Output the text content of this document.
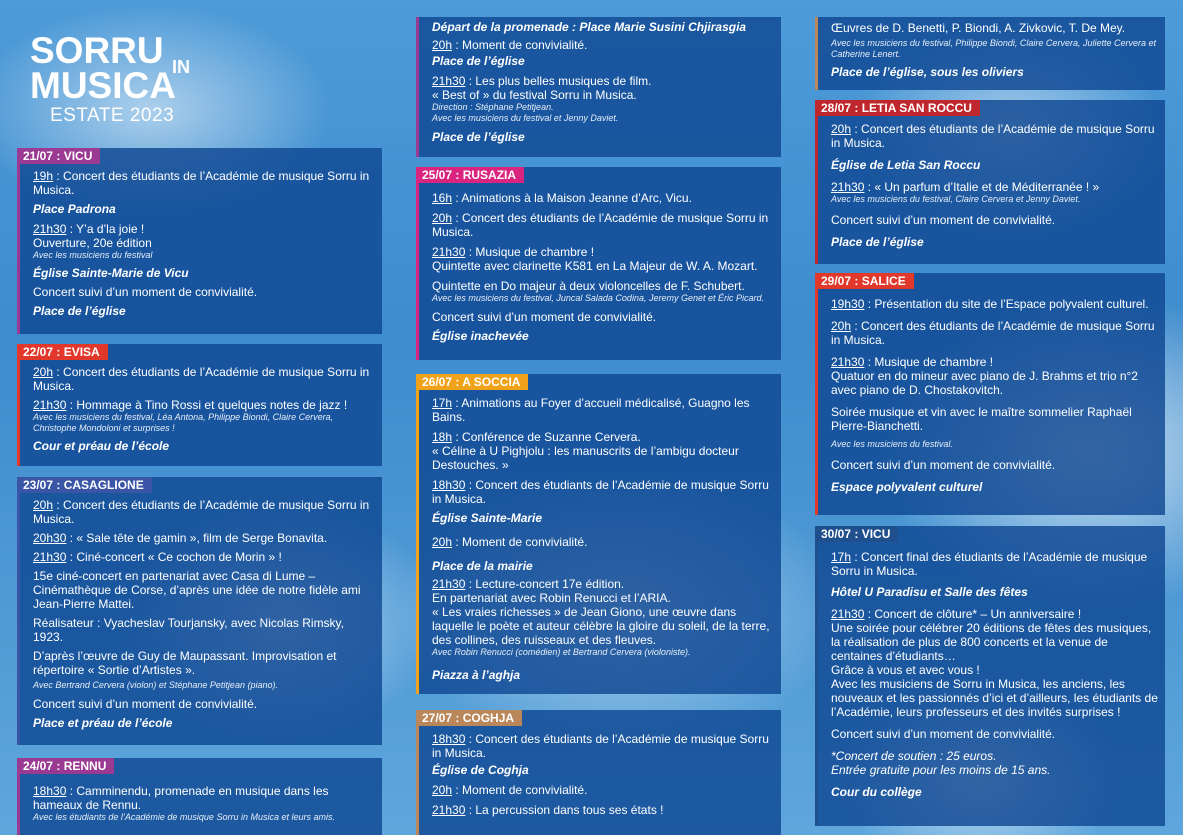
SORRU
MUSICA
IN
ESTATE 2023
21/07 : VICU

19h : Concert des étudiants de l’Académie de musique Sorru in Musica.

Place Padrona

21h30 : Y’a d’la joie !

Ouverture, 20e édition

Avec les musiciens du festival

Église Sainte-Marie de Vicu

Concert suivi d’un moment de convivialité.

Place de l’église

22/07 : EVISA

20h : Concert des étudiants de l’Académie de musique Sorru in Musica.

21h30 : Hommage à Tino Rossi et quelques notes de jazz !

Avec les musiciens du festival, Léa Antona, Philippe Biondi, Claire Cervera, Christophe Mondoloni et surprises !

Cour et préau de l’école

23/07 : CASAGLIONE

20h : Concert des étudiants de l’Académie de musique Sorru in Musica.

20h30 : « Sale tête de gamin », film de Serge Bonavita.

21h30 : Ciné-concert « Ce cochon de Morin » !

15e ciné-concert en partenariat avec Casa di Lume – Cinémathèque de Corse, d’après une idée de notre fidèle ami Jean-Pierre Mattei.

Réalisateur : Vyacheslav Tourjansky, avec Nicolas Rimsky, 1923.

D’après l’œuvre de Guy de Maupassant. Improvisation et répertoire « Sortie d’Artistes ».

Avec Bertrand Cervera (violon) et Stéphane Petitjean (piano).

Concert suivi d’un moment de convivialité.

Place et préau de l’école

24/07 : RENNU

18h30 : Camminendu, promenade en musique dans les hameaux de Rennu.

Avec les étudiants de l’Académie de musique Sorru in Musica et leurs amis.

Départ de la promenade : Place Marie Susini Chjirasgia

20h : Moment de convivialité.

Place de l’église

21h30 : Les plus belles musiques de film.

« Best of » du festival Sorru in Musica.

Direction : Stéphane Petitjean.

Avec les musiciens du festival et Jenny Daviet.

Place de l’église

25/07 : RUSAZIA

16h : Animations à la Maison Jeanne d’Arc, Vicu.

20h : Concert des étudiants de l’Académie de musique Sorru in Musica.

21h30 : Musique de chambre !

Quintette avec clarinette K581 en La Majeur de W. A. Mozart.

Quintette en Do majeur à deux violoncelles de F. Schubert.

Avec les musiciens du festival, Juncal Salada Codina, Jeremy Genet et Éric Picard.

Concert suivi d’un moment de convivialité.

Église inachevée

26/07 : A SOCCIA

17h : Animations au Foyer d’accueil médicalisé, Guagno les Bains.

18h : Conférence de Suzanne Cervera.

« Céline à U Pighjolu : les manuscrits de l’ambigu docteur Destouches. »

18h30 : Concert des étudiants de l’Académie de musique Sorru in Musica.

Église Sainte-Marie

20h : Moment de convivialité.

Place de la mairie

21h30 : Lecture-concert 17e édition.

En partenariat avec Robin Renucci et l’ARIA.

« Les vraies richesses » de Jean Giono, une œuvre dans laquelle le poète et auteur célèbre la gloire du soleil, de la terre, des collines, des ruisseaux et des fleuves.

Avec Robin Renucci (comédien) et Bertrand Cervera (violoniste).

Piazza à l’aghja

27/07 : COGHJA

18h30 : Concert des étudiants de l’Académie de musique Sorru in Musica.

Église de Coghja

20h : Moment de convivialité.

21h30 : La percussion dans tous ses états !

Œuvres de D. Benetti, P. Biondi, A. Zivkovic, T. De Mey.

Avec les musiciens du festival, Philippe Biondi, Claire Cervera, Juliette Cervera et Catherine Lenert.

Place de l’église, sous les oliviers

28/07 : LETIA SAN ROCCU

20h : Concert des étudiants de l’Académie de musique Sorru in Musica.

Église de Letia San Roccu

21h30 : « Un parfum d’Italie et de Méditerranée ! »

Avec les musiciens du festival, Claire Cervera et Jenny Daviet.

Concert suivi d’un moment de convivialité.

Place de l’église

29/07 : SALICE

19h30 : Présentation du site de l’Espace polyvalent culturel.

20h : Concert des étudiants de l’Académie de musique Sorru in Musica.

21h30 : Musique de chambre !

Quatuor en do mineur avec piano de J. Brahms et trio n°2 avec piano de D. Chostakovitch.

Soirée musique et vin avec le maître sommelier Raphaël Pierre-Bianchetti.

Avec les musiciens du festival.

Concert suivi d’un moment de convivialité.

Espace polyvalent culturel

30/07 : VICU

17h : Concert final des étudiants de l’Académie de musique Sorru in Musica.

Hôtel U Paradisu et Salle des fêtes

21h30 : Concert de clôture* – Un anniversaire !

Une soirée pour célébrer 20 éditions de fêtes des musiques, la réalisation de plus de 800 concerts et la venue de centaines d’étudiants…

Grâce à vous et avec vous !

Avec les musiciens de Sorru in Musica, les anciens, les nouveaux et les passionnés d’ici et d’ailleurs, les étudiants de l’Académie, leurs professeurs et des invités surprises !

Concert suivi d’un moment de convivialité.

*Concert de soutien : 25 euros.

Entrée gratuite pour les moins de 15 ans.

Cour du collège
